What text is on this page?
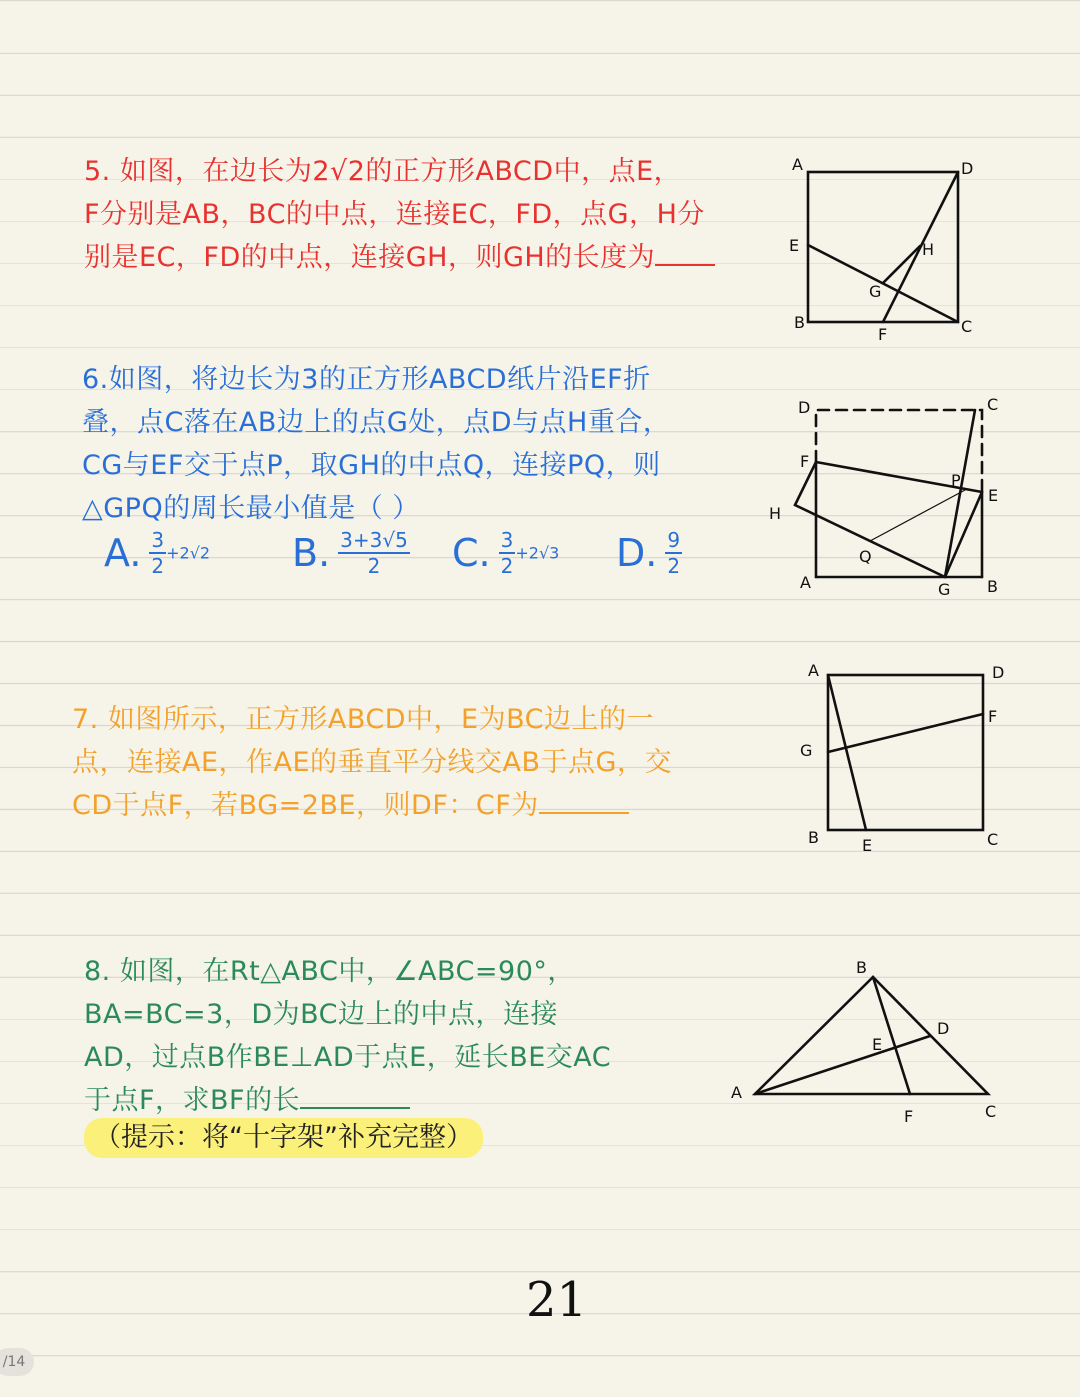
5. 如图，在边长为2√2的正方形ABCD中，点E，
F分别是AB，BC的中点，连接EC，FD，点G，H分
别是EC，FD的中点，连接GH，则GH的长度为
6.如图，将边长为3的正方形ABCD纸片沿EF折
叠，点C落在AB边上的点G处，点D与点H重合，
CG与EF交于点P，取GH的中点Q，连接PQ，则
△GPQ的周长最小值是（ ）
A. $\frac{3}{2} +2√2$ B. $\frac{3+3√5}{2} C$. $\frac{3}{2} +2√3$ D. $\frac{9}{2}$
7. 如图所示，正方形ABCD中，E为BC边上的一
点，连接AE，作AE的垂直平分线交AB于点G，交
CD于点F，若BG=2BE，则DF：CF为
8. 如图，在Rt△ABC中，∠ABC=90°，
BA=BC=3，D为BC边上的中点，连接
AD，过点B作BE⊥AD于点E，延长BE交AC
于点F，求BF的长
（提示：将“十字架”补充完整）
A	D
E	H
G
B
F	C
D	C
F
P
E
H
Q
A	G B
A	D
F
G
B	E	C
B
D
E
A
F	C
21
/14
